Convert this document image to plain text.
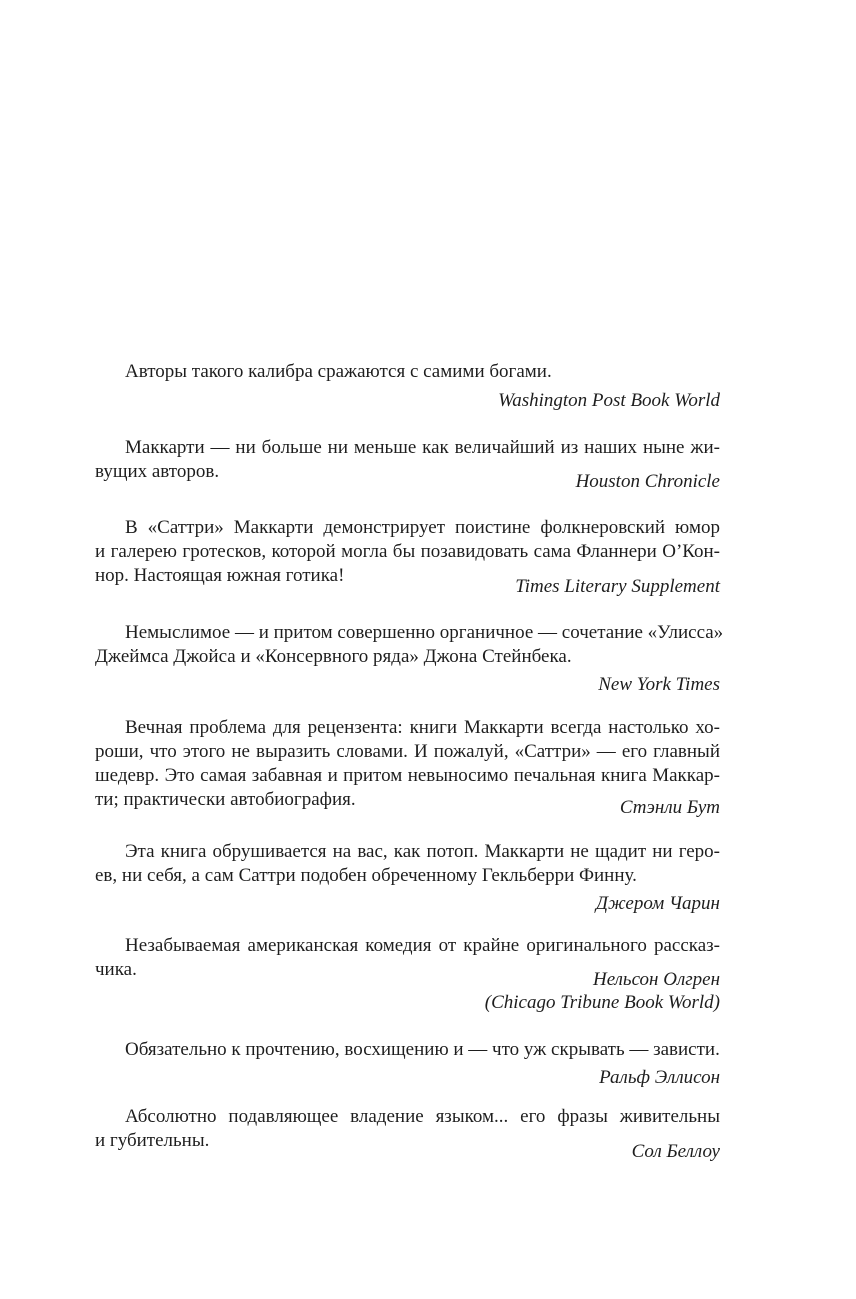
Авторы такого калибра сражаются с самими богами.
Washington Post Book World
Маккарти — ни больше ни меньше как величайший из наших ныне жи-
вущих авторов.	Houston Chronicle
В «Саттри» Маккарти демонстрирует поистине фолкнеровский юмор
и галерею гротесков, которой могла бы позавидовать сама Фланнери О’Кон-
нор. Настоящая южная готика!
Times Literary Supplement
Немыслимое — и притом совершенно органичное — сочетание «Улисса»
Джеймса Джойса и «Консервного ряда» Джона Стейнбека.
New York Times
Вечная проблема для рецензента: книги Маккарти всегда настолько хо-
роши, что этого не выразить словами. И пожалуй, «Саттри» — его главный
шедевр. Это самая забавная и притом невыносимо печальная книга Маккар-
ти; практически автобиография.	Стэнли Бут
Эта книга обрушивается на вас, как потоп. Маккарти не щадит ни геро-
ев, ни себя, а сам Саттри подобен обреченному Гекльберри Финну.
Джером Чарин
Незабываемая американская комедия от крайне оригинального рассказ-
чика.	Нельсон Олгрен
(Chicago Tribune Book World)
Обязательно к прочтению, восхищению и — что уж скрывать — зависти.
Ральф Эллисон
Абсолютно подавляющее владение языком... его фразы живительны
и губительны.
Сол Беллоу
